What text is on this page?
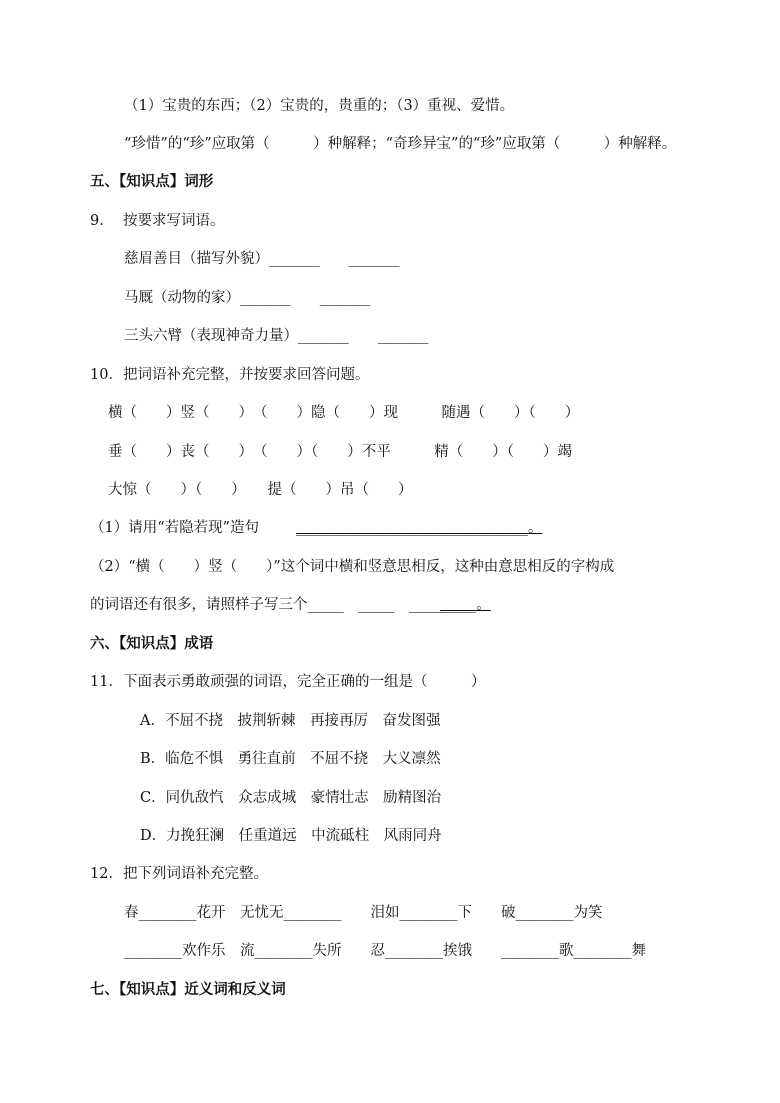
（1）宝贵的东西；（2）宝贵的，贵重的；（3）重视、爱惜。
“珍惜”的“珍”应取第（　　　）种解释；“奇珍异宝”的“珍”应取第（　　　）种解释。
五、【知识点】词形
9．  按要求写词语。
慈眉善目（描写外貌）_______　　_______
马厩（动物的家）_______　　_______
三头六臂（表现神奇力量）_______　　_______
10．把词语补充完整，并按要求回答问题。
横（　　）竖（　　）　（　　）隐（　　）现　　　随遇（　　）（　　）
垂（　　）丧（　　）　（　　）（　　）不平　　　精（　　）（　　）竭
大惊（　　）（　　）　　提（　　）吊（　　）
（1）请用“若隐若现”造句	________________________________。
（2）“横（　　）竖（　　）”这个词中横和竖意思相反，这种由意思相反的字构成
的词语还有很多，请照样子写三个_____　_____　_____
_____。
六、【知识点】成语
11．下面表示勇敢顽强的词语，完全正确的一组是（　　　）
A．不屈不挠　披荆斩棘　再接再厉　奋发图强
B．临危不惧　勇往直前　不屈不挠　大义凛然
C．同仇敌忾　众志成城　豪情壮志　励精图治
D．力挽狂澜　任重道远　中流砥柱　风雨同舟
12．把下列词语补充完整。
春________花开　无忧无________　　泪如________下　　破________为笑
________欢作乐　流________失所　　忍________挨饿　　________歌________舞
七、【知识点】近义词和反义词
